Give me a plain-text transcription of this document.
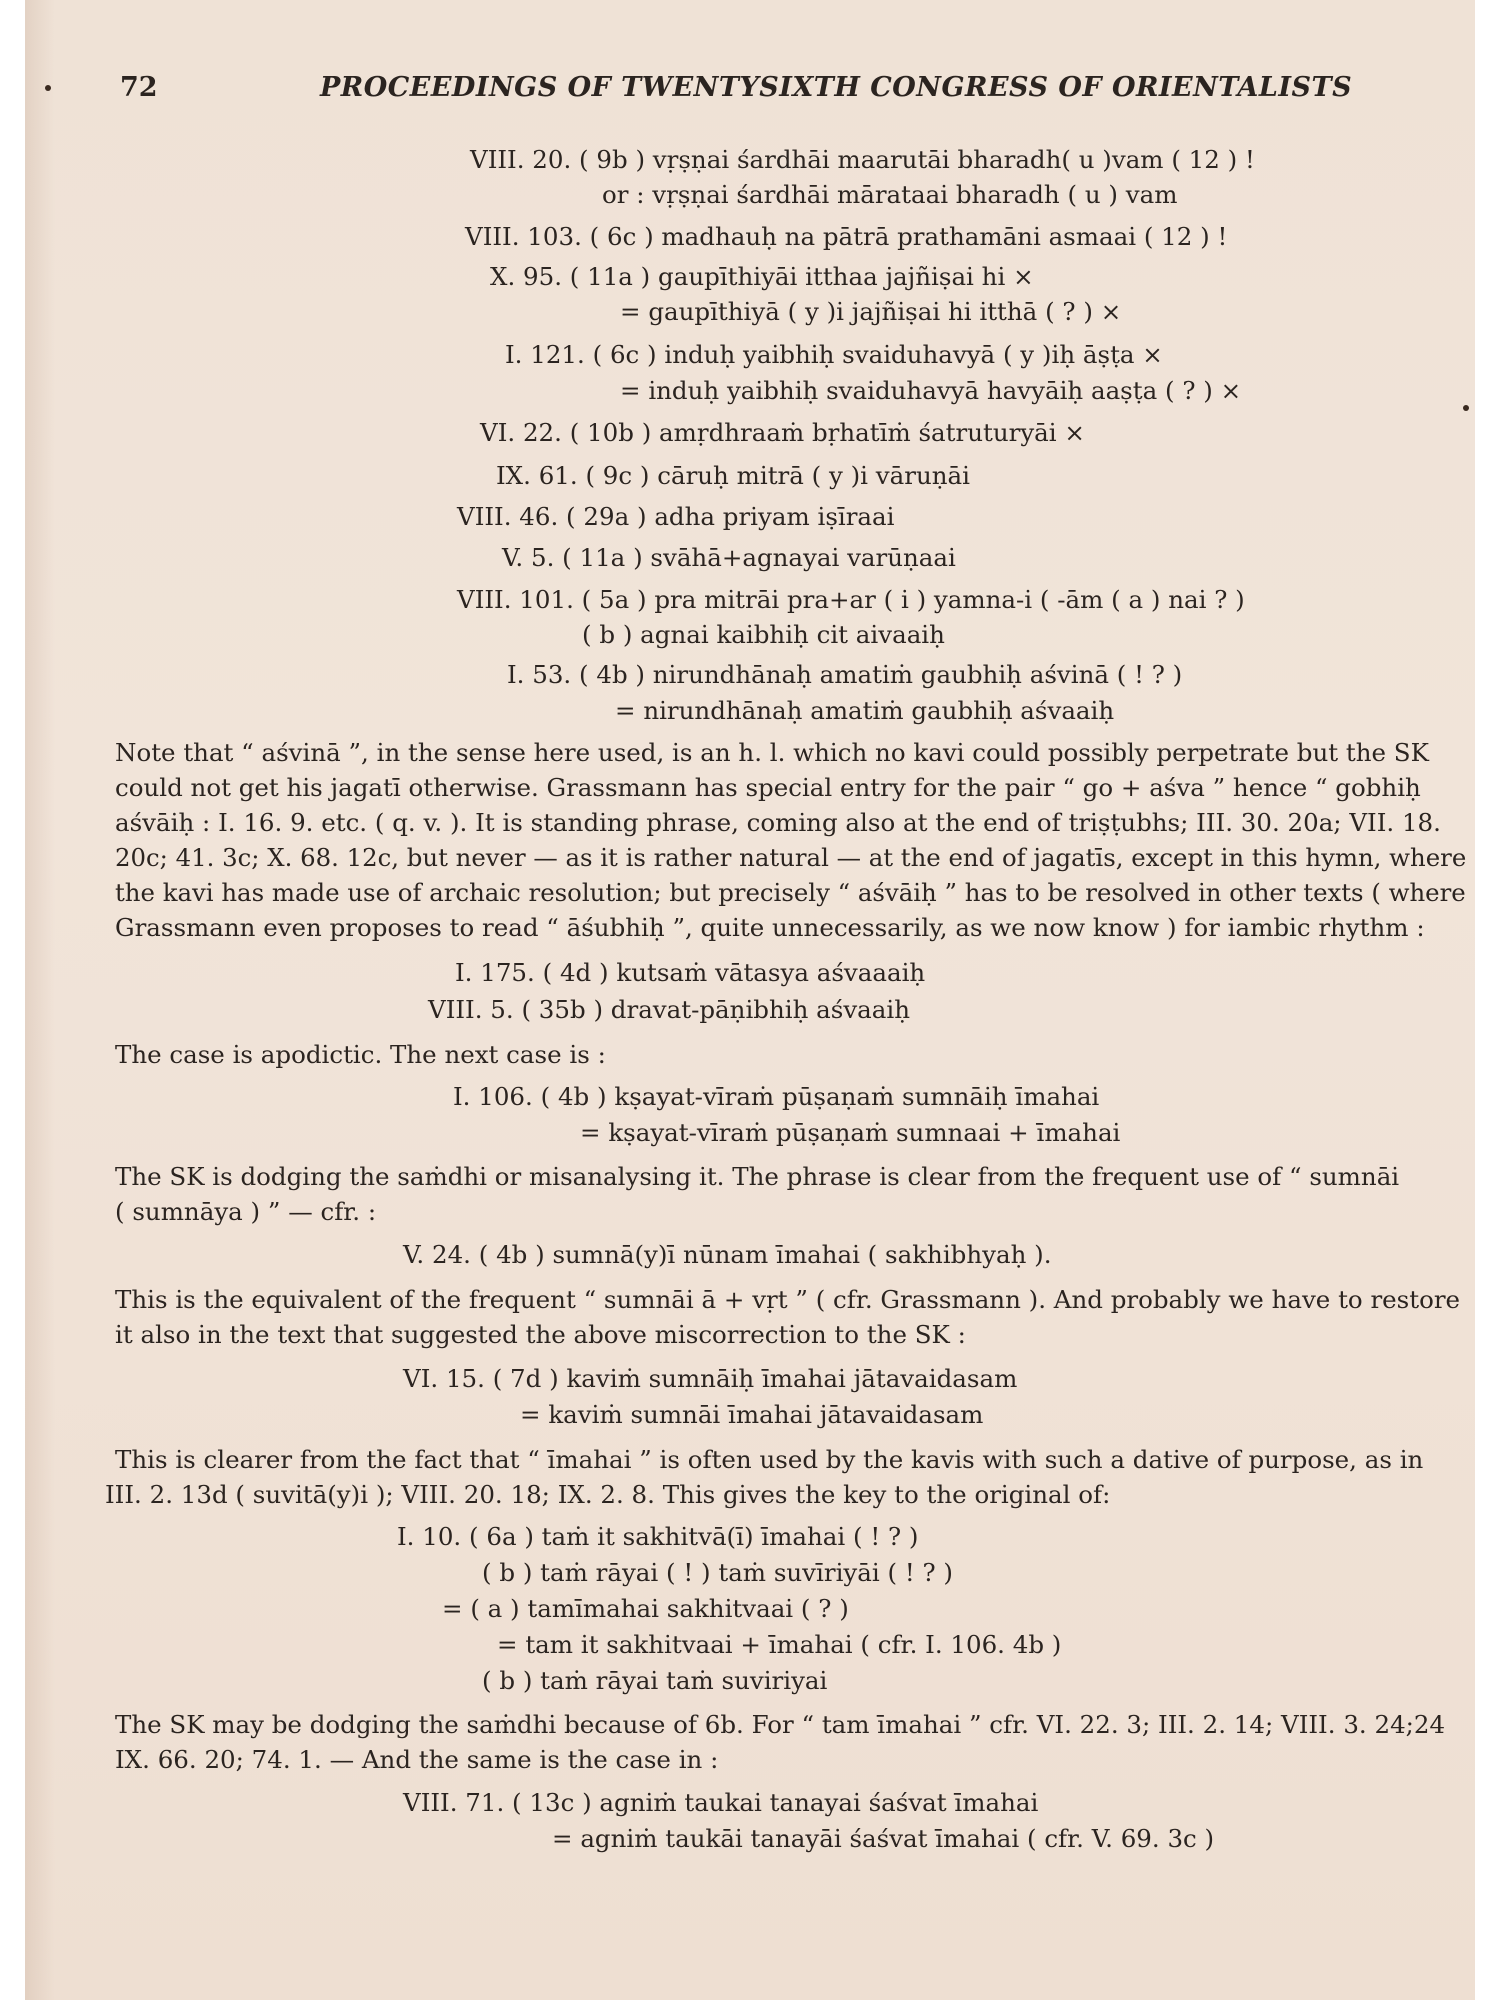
72	PROCEEDINGS OF TWENTYSIXTH CONGRESS OF ORIENTALISTS
VIII. 20. ( 9b ) vṛṣṇai śardhāi maarutāi bharadh( u )vam ( 12 ) !
or : vṛṣṇai śardhāi mārataai bharadh ( u ) vam
VIII. 103. ( 6c ) madhauḥ na pātrā prathamāni asmaai ( 12 ) !
X. 95. ( 11a ) gaupīthiyāi itthaa jajñiṣai hi ×
= gaupīthiyā ( y )i jajñiṣai hi itthā ( ? ) ×
I. 121. ( 6c ) induḥ yaibhiḥ svaiduhavyā ( y )iḥ āṣṭa ×
= induḥ yaibhiḥ svaiduhavyā havyāiḥ aaṣṭa ( ? ) ×
VI. 22. ( 10b ) amṛdhraaṁ bṛhatīṁ śatruturyāi ×
IX. 61. ( 9c ) cāruḥ mitrā ( y )i vāruṇāi
VIII. 46. ( 29a ) adha priyam iṣīraai
V. 5. ( 11a ) svāhā+agnayai varūṇaai
VIII. 101. ( 5a ) pra mitrāi pra+ar ( i ) yamna-i ( -ām ( a ) nai ? )
( b ) agnai kaibhiḥ cit aivaaiḥ
I. 53. ( 4b ) nirundhānaḥ amatiṁ gaubhiḥ aśvinā ( ! ? )
= nirundhānaḥ amatiṁ gaubhiḥ aśvaaiḥ
Note that “ aśvinā ”, in the sense here used, is an h. l. which no kavi could possibly perpetrate but the SK
could not get his jagatī otherwise. Grassmann has special entry for the pair “ go + aśva ” hence “ gobhiḥ
aśvāiḥ : I. 16. 9. etc. ( q. v. ). It is standing phrase, coming also at the end of triṣṭubhs; III. 30. 20a; VII. 18.
20c; 41. 3c; X. 68. 12c, but never — as it is rather natural — at the end of jagatīs, except in this hymn, where
the kavi has made use of archaic resolution; but precisely “ aśvāiḥ ” has to be resolved in other texts ( where
Grassmann even proposes to read “ āśubhiḥ ”, quite unnecessarily, as we now know ) for iambic rhythm :
I. 175. ( 4d ) kutsaṁ vātasya aśvaaaiḥ
VIII. 5. ( 35b ) dravat-pāṇibhiḥ aśvaaiḥ
The case is apodictic. The next case is :
I. 106. ( 4b ) kṣayat-vīraṁ pūṣaṇaṁ sumnāiḥ īmahai
= kṣayat-vīraṁ pūṣaṇaṁ sumnaai + īmahai
The SK is dodging the saṁdhi or misanalysing it. The phrase is clear from the frequent use of “ sumnāi
( sumnāya ) ” — cfr. :
V. 24. ( 4b ) sumnā(y)ī nūnam īmahai ( sakhibhyaḥ ).
This is the equivalent of the frequent “ sumnāi ā + vṛt ” ( cfr. Grassmann ). And probably we have to restore
it also in the text that suggested the above miscorrection to the SK :
VI. 15. ( 7d ) kaviṁ sumnāiḥ īmahai jātavaidasam
= kaviṁ sumnāi īmahai jātavaidasam
This is clearer from the fact that “ īmahai ” is often used by the kavis with such a dative of purpose, as in
III. 2. 13d ( suvitā(y)i ); VIII. 20. 18; IX. 2. 8. This gives the key to the original of:
I. 10. ( 6a ) taṁ it sakhitvā(ī) īmahai ( ! ? )
( b ) taṁ rāyai ( ! ) taṁ suvīriyāi ( ! ? )
= ( a ) tamīmahai sakhitvaai ( ? )
= tam it sakhitvaai + īmahai ( cfr. I. 106. 4b )
( b ) taṁ rāyai taṁ suviriyai
The SK may be dodging the saṁdhi because of 6b. For “ tam īmahai ” cfr. VI. 22. 3; III. 2. 14; VIII. 3. 24;24
IX. 66. 20; 74. 1. — And the same is the case in :
VIII. 71. ( 13c ) agniṁ taukai tanayai śaśvat īmahai
= agniṁ taukāi tanayāi śaśvat īmahai ( cfr. V. 69. 3c )
